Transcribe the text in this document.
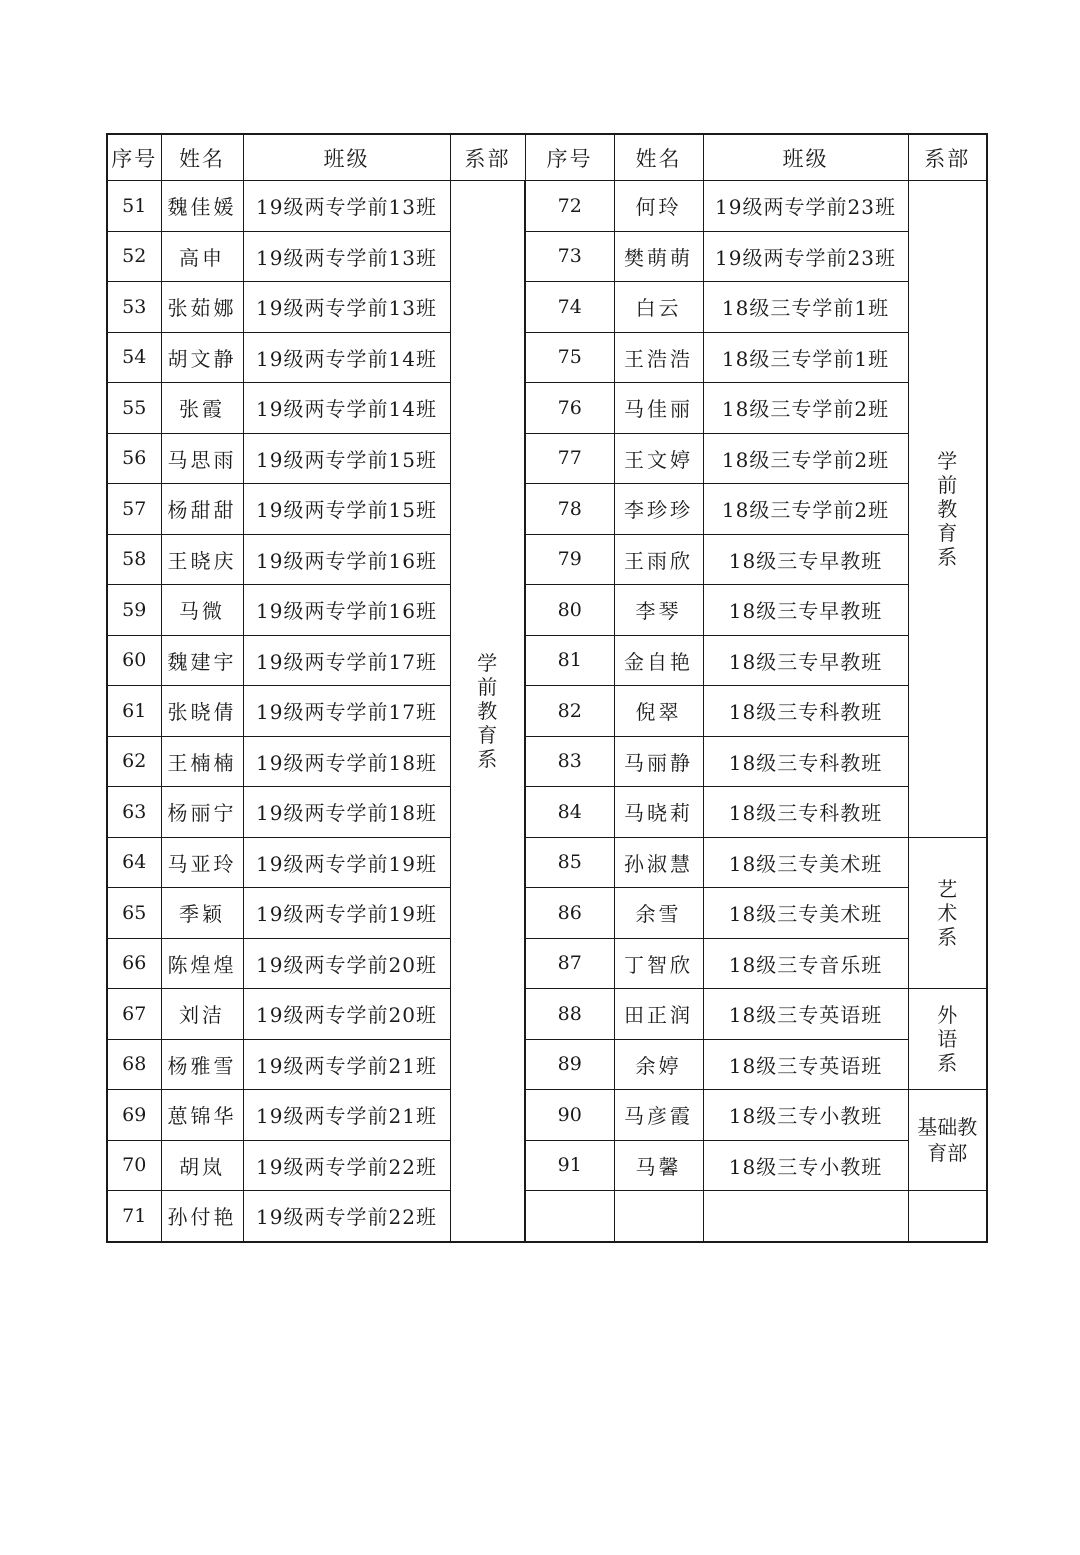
序号	姓名	班级	系部	序号	姓名	班级	系部
51	魏佳媛	19级两专学前13班	学前教育系	72	何玲	19级两专学前23班	学前教育系
52	高申	19级两专学前13班		73	樊萌萌	19级两专学前23班	
53	张茹娜	19级两专学前13班		74	白云	18级三专学前1班	
54	胡文静	19级两专学前14班		75	王浩浩	18级三专学前1班	
55	张霞	19级两专学前14班		76	马佳丽	18级三专学前2班	
56	马思雨	19级两专学前15班		77	王文婷	18级三专学前2班	
57	杨甜甜	19级两专学前15班		78	李珍珍	18级三专学前2班	
58	王晓庆	19级两专学前16班		79	王雨欣	18级三专早教班	
59	马微	19级两专学前16班		80	李琴	18级三专早教班	
60	魏建宇	19级两专学前17班		81	金自艳	18级三专早教班	
61	张晓倩	19级两专学前17班		82	倪翠	18级三专科教班	
62	王楠楠	19级两专学前18班		83	马丽静	18级三专科教班	
63	杨丽宁	19级两专学前18班		84	马晓莉	18级三专科教班	
64	马亚玲	19级两专学前19班		85	孙淑慧	18级三专美术班	艺术系
65	季颖	19级两专学前19班		86	余雪	18级三专美术班	
66	陈煌煌	19级两专学前20班		87	丁智欣	18级三专音乐班	
67	刘洁	19级两专学前20班		88	田正润	18级三专英语班	外语系
68	杨雅雪	19级两专学前21班		89	余婷	18级三专英语班	
69	葸锦华	19级两专学前21班		90	马彦霞	18级三专小教班	基础教育部
70	胡岚	19级两专学前22班		91	马馨	18级三专小教班	
71	孙付艳	19级两专学前22班					
